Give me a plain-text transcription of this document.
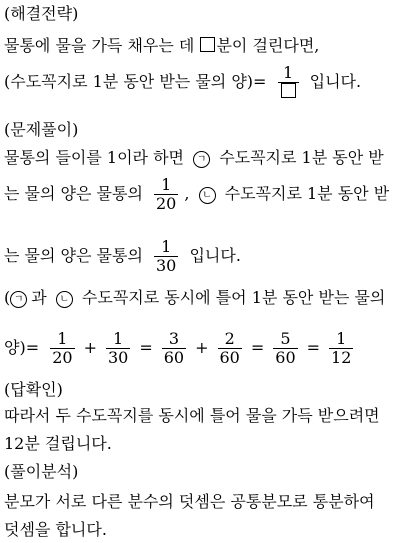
(해결전략)
물통에 물을 가득 채우는 데 분이 걸린다면,
(수도꼭지로 1분 동안 받는 물의 양)=	1	입니다.
(문제풀이)
물통의 들이를 1이라 하면 ㄱ 수도꼭지로 1분 동안 받
는 물의 양은 물통의 $\frac{1}{20}$ , ㄴ 수도꼭지로 1분 동안 받
는 물의 양은 물통의 $\frac{1}{30}$ 입니다.
( ㄱ 과 ㄴ 수도꼭지로 동시에 틀어 1분 동안 받는 물의
양)= $\frac{1}{20} + \frac{1}{30} = \frac{3}{60} + \frac{2}{60} = \frac{5}{60} = \frac{1}{12}$
(답확인)
따라서 두 수도꼭지를 동시에 틀어 물을 가득 받으려면
12분 걸립니다.
(풀이분석)
분모가 서로 다른 분수의 덧셈은 공통분모로 통분하여
덧셈을 합니다.
